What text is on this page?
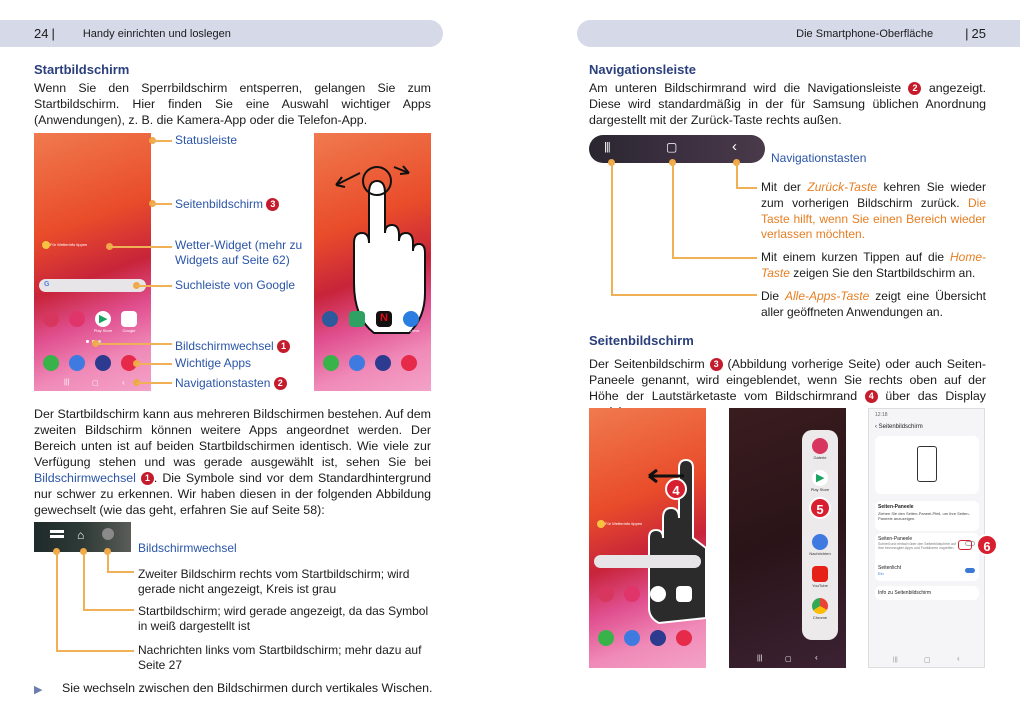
24 |	Handy einrichten und loslegen	Die Smartphone-Oberfläche | 25
Startbildschirm

Wenn Sie den Sperrbildschirm entsperren, gelangen Sie zum Startbildschirm. Hier finden Sie eine Auswahl wichtiger Apps (Anwendungen), z. B. die Kamera-App oder die Telefon-App.

Für Wetterinfo tippen
G
▶
Play Store	Google
|||	▢	‹
Statusleiste
Seitenbildschirm 3
Wetter-Widget (mehr zu
Widgets auf Seite 62)
Suchleiste von Google
Bildschirmwechsel 1
Wichtige Apps
Navigationstasten 2
N
Netflix	OneDrive

Der Startbildschirm kann aus mehreren Bildschirmen bestehen. Auf dem zweiten Bildschirm können weitere Apps angeordnet werden. Der Bereich unten ist auf beiden Startbildschirmen identisch. Wie viele zur Verfügung stehen und was gerade ausgewählt ist, sehen Sie bei Bildschirmwechsel 1 . Die Symbole sind vor dem Standardhintergrund nur schwer zu erkennen. Wir haben diesen in der folgenden Abbildung gewechselt (wie das geht, erfahren Sie auf Seite 58):

⌂
Bildschirmwechsel
Zweiter Bildschirm rechts vom Startbildschirm; wird gerade nicht angezeigt, Kreis ist grau
Startbildschirm; wird gerade angezeigt, da das Symbol in weiß dargestellt ist
Nachrichten links vom Startbildschirm; mehr dazu auf Seite 27
▶ Sie wechseln zwischen den Bildschirmen durch vertikales Wischen.
Navigationsleiste

Am unteren Bildschirmrand wird die Navigationsleiste 2 angezeigt. Diese wird standardmäßig in der für Samsung üblichen Anordnung dargestellt mit der Zurück-Taste rechts außen.

|||	▢	‹
Navigationstasten

Mit der Zurück-Taste kehren Sie wieder zum vorherigen Bildschirm zurück. Die Taste hilft, wenn Sie einen Bereich wieder verlassen möchten.

Mit einem kurzen Tippen auf die Home-Taste zeigen Sie den Startbildschirm an.

Die Alle-Apps-Taste zeigt eine Übersicht aller geöffneten Anwendungen an.

Seitenbildschirm

Der Seitenbildschirm 3 (Abbildung vorherige Seite) oder auch Seiten-Paneele genannt, wird eingeblendet, wenn Sie rechts oben auf der Höhe der Lautstärketaste vom Bildschirmrand 4 über das Display

Für Wetterinfo tippen
4
Galerie
▶
Play Store
Nachrichten
YouTube
Chrome
|||	▢	‹
5
12:18
‹ Seitenbildschirm
Seiten-Paneele
Ziehen Sie den Seiten-Paneel-Pfeil, um Ihre Seiten-Paneele anzuzeigen.
Seiten-Paneele
Schnell und einfach über den Seitenbildschirm auf Ihre bevorzugten Apps und Funktionen zugreifen.
Seitenlicht
Ein
Info zu Seitenbildschirm
|||	▢	‹
6
